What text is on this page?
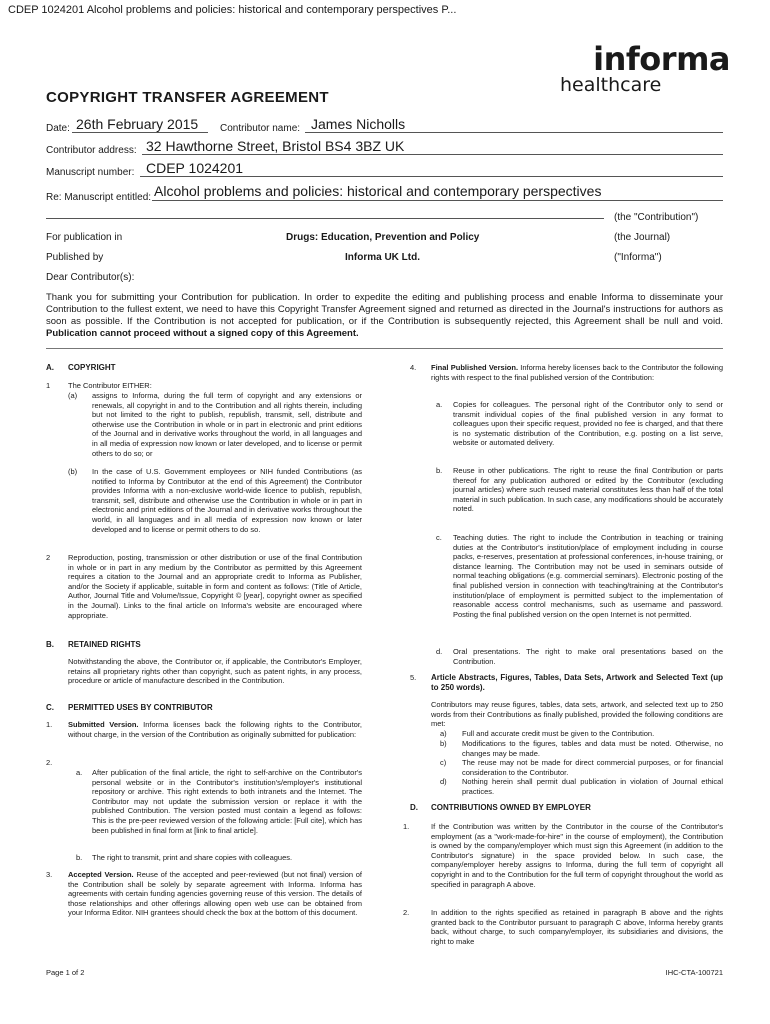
CDEP 1024201 Alcohol problems and policies: historical and contemporary perspectives P...
informa
healthcare
COPYRIGHT TRANSFER AGREEMENT
Date: 26th February 2015 Contributor name: James Nicholls
Contributor address: 32 Hawthorne Street, Bristol BS4 3BZ UK
Manuscript number: CDEP 1024201
Re: Manuscript entitled: Alcohol problems and policies: historical and contemporary perspectives
(the "Contribution")
For publication in	Drugs: Education, Prevention and Policy	(the Journal)
Published by	Informa UK Ltd.	("Informa")
Dear Contributor(s):
Thank you for submitting your Contribution for publication. In order to expedite the editing and publishing process and enable Informa to disseminate your Contribution to the fullest extent, we need to have this Copyright Transfer Agreement signed and returned as directed in the Journal's instructions for authors as soon as possible. If the Contribution is not accepted for publication, or if the Contribution is subsequently rejected, this Agreement shall be null and void. Publication cannot proceed without a signed copy of this Agreement.
A. COPYRIGHT
1 The Contributor EITHER:
(a) assigns to Informa, during the full term of copyright and any extensions or renewals, all copyright in and to the Contribution and all rights therein, including but not limited to the right to publish, republish, transmit, sell, distribute and otherwise use the Contribution in whole or in part in electronic and print editions of the Journal and in derivative works throughout the world, in all languages and in all media of expression now known or later developed, and to license or permit others to do so; or
(b) In the case of U.S. Government employees or NIH funded Contributions (as notified to Informa by Contributor at the end of this Agreement) the Contributor provides Informa with a non-exclusive world-wide licence to publish, republish, transmit, sell, distribute and otherwise use the Contribution in whole or in part in electronic and print editions of the Journal and in derivative works throughout the world, in all languages and in all media of expression now known or later developed and to license or permit others to do so.
2 Reproduction, posting, transmission or other distribution or use of the final Contribution in whole or in part in any medium by the Contributor as permitted by this Agreement requires a citation to the Journal and an appropriate credit to Informa as Publisher, and/or the Society if applicable, suitable in form and content as follows: (Title of Article, Author, Journal Title and Volume/Issue, Copyright © [year], copyright owner as specified in the Journal). Links to the final article on Informa's website are encouraged where appropriate.
B. RETAINED RIGHTS
Notwithstanding the above, the Contributor or, if applicable, the Contributor's Employer, retains all proprietary rights other than copyright, such as patent rights, in any process, procedure or article of manufacture described in the Contribution.
C. PERMITTED USES BY CONTRIBUTOR
1. Submitted Version. Informa licenses back the following rights to the Contributor, without charge, in the version of the Contribution as originally submitted for publication:
2.
a. After publication of the final article, the right to self-archive on the Contributor's personal website or in the Contributor's institution's/employer's institutional repository or archive. This right extends to both intranets and the Internet. The Contributor may not update the submission version or replace it with the published Contribution. The version posted must contain a legend as follows: This is the pre-peer reviewed version of the following article: [Full cite], which has been published in final form at [link to final article].
b. The right to transmit, print and share copies with colleagues.
3. Accepted Version. Reuse of the accepted and peer-reviewed (but not final) version of the Contribution shall be solely by separate agreement with Informa. Informa has agreements with certain funding agencies governing reuse of this version. The details of those relationships and other offerings allowing open web use can be obtained from your Informa Editor. NIH grantees should check the box at the bottom of this document.
4. Final Published Version. Informa hereby licenses back to the Contributor the following rights with respect to the final published version of the Contribution:
a. Copies for colleagues. The personal right of the Contributor only to send or transmit individual copies of the final published version in any format to colleagues upon their specific request, provided no fee is charged, and that there is no systematic distribution of the Contribution, e.g. posting on a list serve, website or automated delivery.
b. Reuse in other publications. The right to reuse the final Contribution or parts thereof for any publication authored or edited by the Contributor (excluding journal articles) where such reused material constitutes less than half of the total material in such publication. In such case, any modifications should be accurately noted.
c. Teaching duties. The right to include the Contribution in teaching or training duties at the Contributor's institution/place of employment including in course packs, e-reserves, presentation at professional conferences, in-house training, or distance learning. The Contribution may not be used in seminars outside of normal teaching obligations (e.g. commercial seminars). Electronic posting of the final published version in connection with teaching/training at the Contributor's institution/place of employment is permitted subject to the implementation of reasonable access control mechanisms, such as username and password. Posting the final published version on the open Internet is not permitted.
d. Oral presentations. The right to make oral presentations based on the Contribution.
5. Article Abstracts, Figures, Tables, Data Sets, Artwork and Selected Text (up to 250 words).
Contributors may reuse figures, tables, data sets, artwork, and selected text up to 250 words from their Contributions as finally published, provided the following conditions are met:
a) Full and accurate credit must be given to the Contribution.
b) Modifications to the figures, tables and data must be noted. Otherwise, no changes may be made.
c) The reuse may not be made for direct commercial purposes, or for financial consideration to the Contributor.
d) Nothing herein shall permit dual publication in violation of Journal ethical practices.
D. CONTRIBUTIONS OWNED BY EMPLOYER
1.	If the Contribution was written by the Contributor in the course of the Contributor's employment (as a "work-made-for-hire" in the course of employment), the Contribution is owned by the company/employer which must sign this Agreement (in addition to the Contributor's signature) in the space provided below. In such case, the company/employer hereby assigns to Informa, during the full term of copyright all copyright in and to the Contribution for the full term of copyright throughout the world as specified in paragraph A above.
2.	In addition to the rights specified as retained in paragraph B above and the rights granted back to the Contributor pursuant to paragraph C above, Informa hereby grants back, without charge, to such company/employer, its subsidiaries and divisions, the right to make
Page 1 of 2	IHC-CTA-100721
